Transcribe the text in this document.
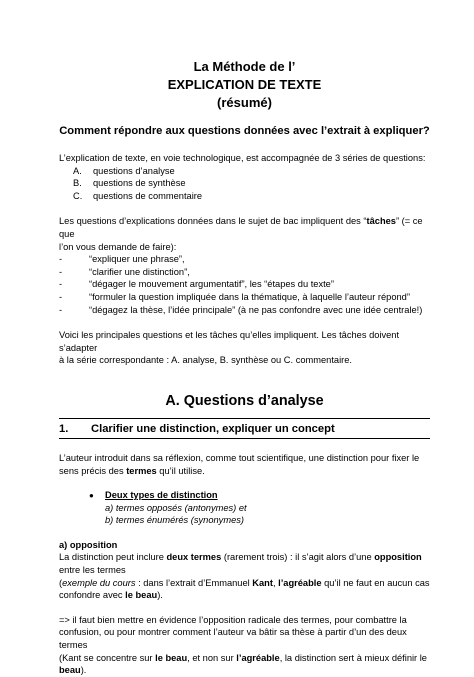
La Méthode de l’
EXPLICATION DE TEXTE
(résumé)
Comment répondre aux questions données avec l’extrait à expliquer?

L’explication de texte, en voie technologique, est accompagnée de 3 séries de questions:

A. questions d’analyse
B. questions de synthèse
C. questions de commentaire

Les questions d’explications données dans le sujet de bac impliquent des “tâches” (= ce que

l’on vous demande de faire):

-	“expliquer une phrase”,
-	“clarifier une distinction”,
-	“dégager le mouvement argumentatif”, les “étapes du texte”
-	“formuler la question impliquée dans la thématique, à laquelle l’auteur répond”
-	“dégagez la thèse, l’idée principale” (à ne pas confondre avec une idée centrale!)

Voici les principales questions et les tâches qu’elles impliquent. Les tâches doivent s’adapter

à la série correspondante : A. analyse, B. synthèse ou C. commentaire.

A. Questions d’analyse
1.	Clarifier une distinction, expliquer un concept

L’auteur introduit dans sa réflexion, comme tout scientifique, une distinction pour fixer le

sens précis des termes qu’il utilise.

●	Deux types de distinction

a) termes opposés (antonymes) et

b) termes énumérés (synonymes)

a) opposition

La distinction peut inclure deux termes (rarement trois) : il s’agit alors d’une opposition

entre les termes

(exemple du cours : dans l’extrait d’Emmanuel Kant, l’agréable qu’il ne faut en aucun cas

confondre avec le beau).

=> il faut bien mettre en évidence l’opposition radicale des termes, pour combattre la

confusion, ou pour montrer comment l’auteur va bâtir sa thèse à partir d’un des deux termes

(Kant se concentre sur le beau, et non sur l’agréable, la distinction sert à mieux définir le

beau).
